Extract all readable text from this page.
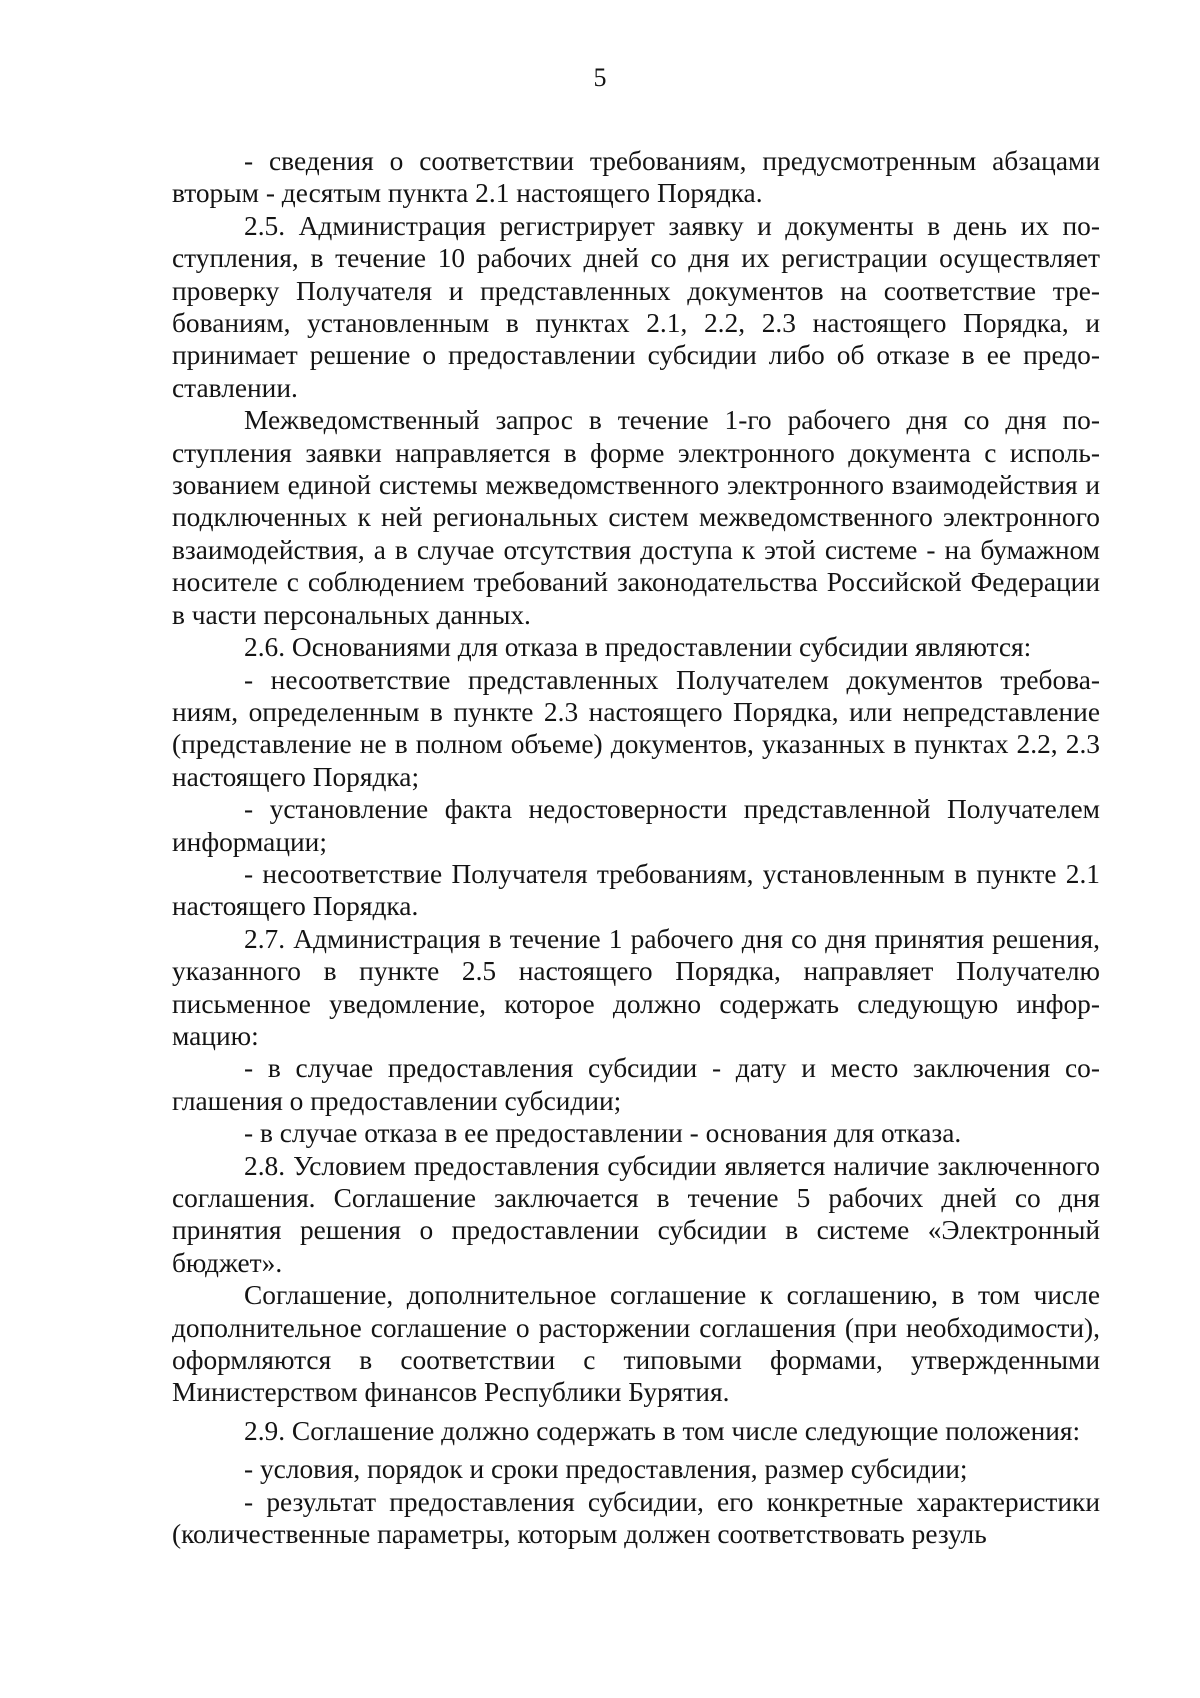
5

- сведения о соответствии требованиям, предусмотренным абзацами вторым - десятым пункта 2.1 настоящего Порядка.

2.5. Администрация регистрирует заявку и документы в день их поступления, в течение 10 рабочих дней со дня их регистрации осуществляет проверку Получателя и представленных документов на соответствие требованиям, установленным в пунктах 2.1, 2.2, 2.3 настоящего Порядка, и принимает решение о предоставлении субсидии либо об отказе в ее предоставлении.

Межведомственный запрос в течение 1-го рабочего дня со дня поступления заявки направляется в форме электронного документа с использованием единой системы межведомственного электронного взаимодействия и подключенных к ней региональных систем межведомственного электронного взаимодействия, а в случае отсутствия доступа к этой системе - на бумажном носителе с соблюдением требований законодательства Российской Федерации в части персональных данных.

2.6. Основаниями для отказа в предоставлении субсидии являются:

- несоответствие представленных Получателем документов требованиям, определенным в пункте 2.3 настоящего Порядка, или непредставление (представление не в полном объеме) документов, указанных в пунктах 2.2, 2.3 настоящего Порядка;

- установление факта недостоверности представленной Получателем информации;

- несоответствие Получателя требованиям, установленным в пункте 2.1 настоящего Порядка.

2.7. Администрация в течение 1 рабочего дня со дня принятия решения, указанного в пункте 2.5 настоящего Порядка, направляет Получателю письменное уведомление, которое должно содержать следующую информацию:

- в случае предоставления субсидии - дату и место заключения соглашения о предоставлении субсидии;

- в случае отказа в ее предоставлении - основания для отказа.

2.8. Условием предоставления субсидии является наличие заключенного соглашения. Соглашение заключается в течение 5 рабочих дней со дня принятия решения о предоставлении субсидии в системе «Электронный бюджет».

Соглашение, дополнительное соглашение к соглашению, в том числе дополнительное соглашение о расторжении соглашения (при необходимости), оформляются в соответствии с типовыми формами, утвержденными Министерством финансов Республики Бурятия.

2.9. Соглашение должно содержать в том числе следующие положения:

- условия, порядок и сроки предоставления, размер субсидии;

- результат предоставления субсидии, его конкретные характеристики (количественные параметры, которым должен соответствовать резуль
